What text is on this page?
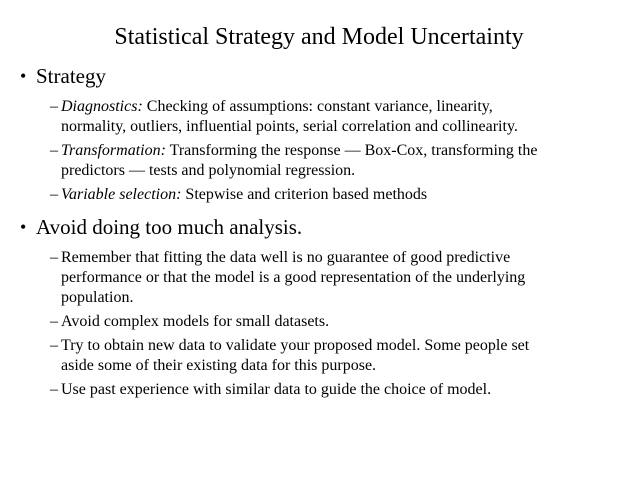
Statistical Strategy and Model Uncertainty
• Strategy
– Diagnostics: Checking of assumptions: constant variance, linearity,
normality, outliers, influential points, serial correlation and collinearity.
– Transformation: Transforming the response — Box-Cox, transforming the
predictors — tests and polynomial regression.
– Variable selection: Stepwise and criterion based methods
• Avoid doing too much analysis.
– Remember that fitting the data well is no guarantee of good predictive
performance or that the model is a good representation of the underlying
population.
– Avoid complex models for small datasets.
– Try to obtain new data to validate your proposed model. Some people set
aside some of their existing data for this purpose.
– Use past experience with similar data to guide the choice of model.
